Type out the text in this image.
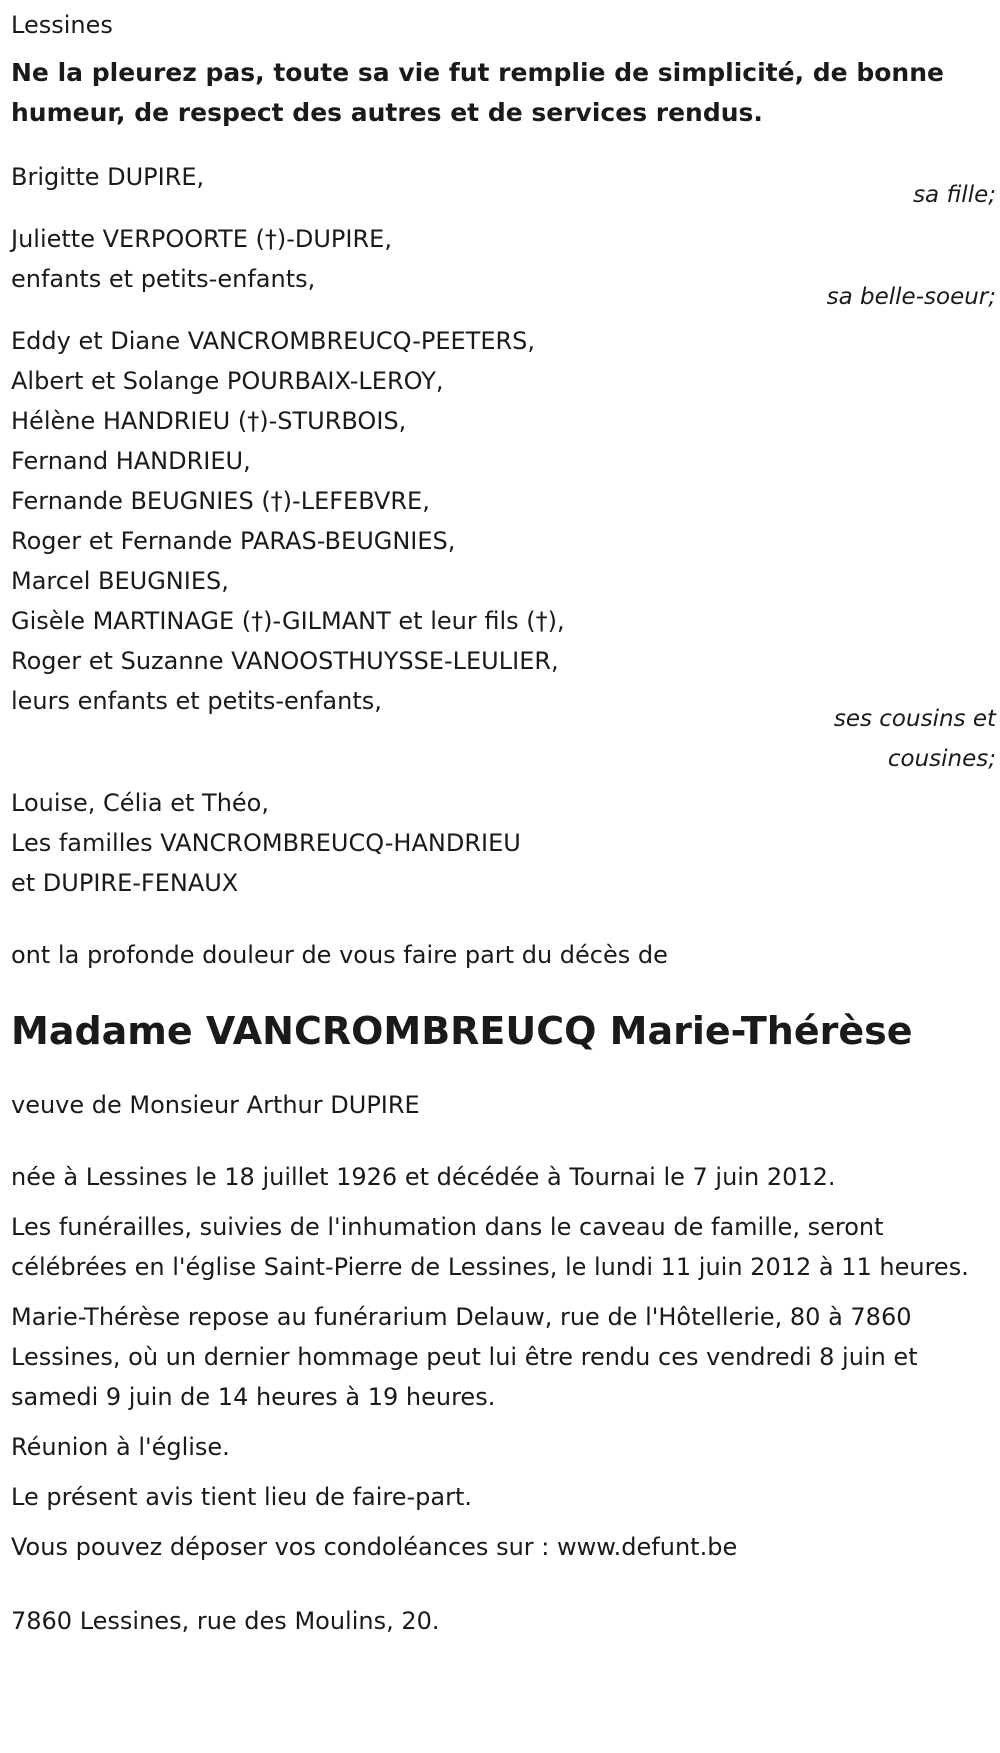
Lessines
Ne la pleurez pas, toute sa vie fut remplie de simplicité, de bonne humeur, de respect des autres et de services rendus.
Brigitte DUPIRE,
sa fille;
Juliette VERPOORTE (†)-DUPIRE,
enfants et petits-enfants,
sa belle-soeur;
Eddy et Diane VANCROMBREUCQ-PEETERS,
Albert et Solange POURBAIX-LEROY,
Hélène HANDRIEU (†)-STURBOIS,
Fernand HANDRIEU,
Fernande BEUGNIES (†)-LEFEBVRE,
Roger et Fernande PARAS-BEUGNIES,
Marcel BEUGNIES,
Gisèle MARTINAGE (†)-GILMANT et leur fils (†),
Roger et Suzanne VANOOSTHUYSSE-LEULIER,
leurs enfants et petits-enfants,
ses cousins et
cousines;
Louise, Célia et Théo,
Les familles VANCROMBREUCQ-HANDRIEU
et DUPIRE-FENAUX
ont la profonde douleur de vous faire part du décès de
Madame VANCROMBREUCQ Marie-Thérèse
veuve de Monsieur Arthur DUPIRE
née à Lessines le 18 juillet 1926 et décédée à Tournai le 7 juin 2012.
Les funérailles, suivies de l'inhumation dans le caveau de famille, seront célébrées en l'église Saint-Pierre de Lessines, le lundi 11 juin 2012 à 11 heures.
Marie-Thérèse repose au funérarium Delauw, rue de l'Hôtellerie, 80 à 7860 Lessines, où un dernier hommage peut lui être rendu ces vendredi 8 juin et samedi 9 juin de 14 heures à 19 heures.
Réunion à l'église.
Le présent avis tient lieu de faire-part.
Vous pouvez déposer vos condoléances sur : www.defunt.be
7860 Lessines, rue des Moulins, 20.
